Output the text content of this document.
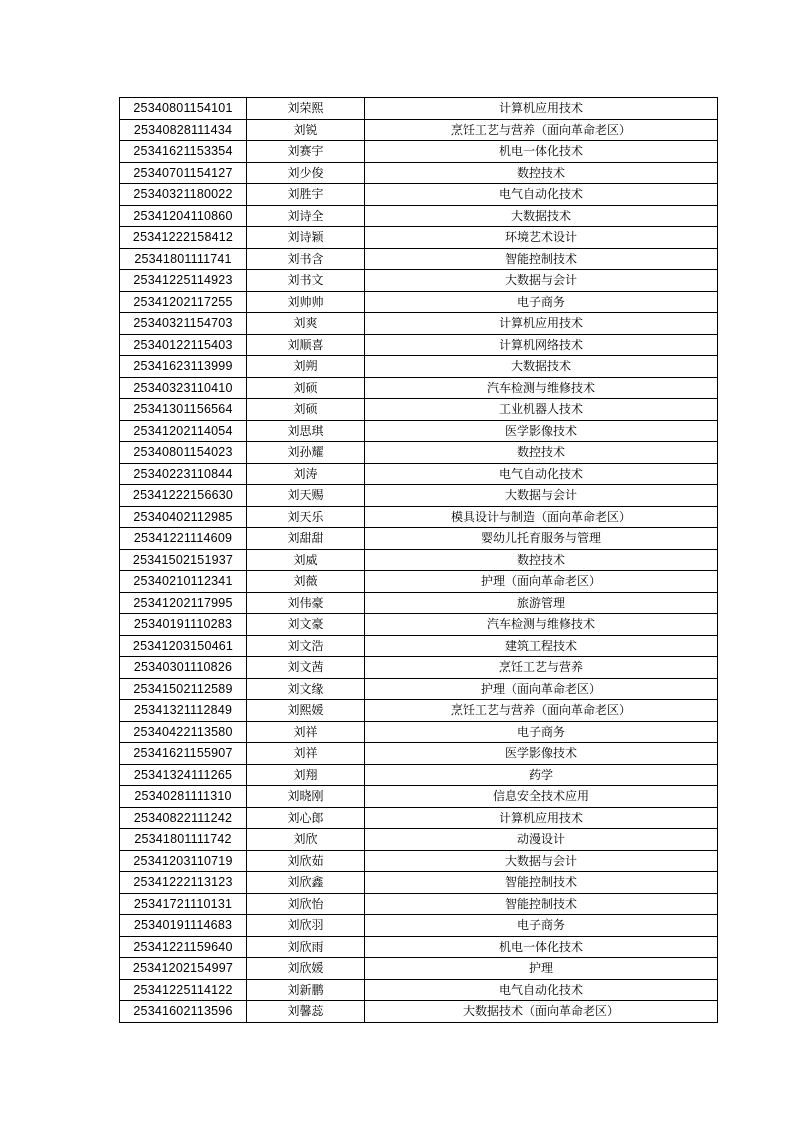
25340801154101	刘荣熙	计算机应用技术
25340828111434	刘锐	烹饪工艺与营养（面向革命老区）
25341621153354	刘赛宇	机电一体化技术
25340701154127	刘少俊	数控技术
25340321180022	刘胜宇	电气自动化技术
25341204110860	刘诗全	大数据技术
25341222158412	刘诗颖	环境艺术设计
25341801111741	刘书含	智能控制技术
25341225114923	刘书文	大数据与会计
25341202117255	刘帅帅	电子商务
25340321154703	刘爽	计算机应用技术
25340122115403	刘顺喜	计算机网络技术
25341623113999	刘朔	大数据技术
25340323110410	刘硕	汽车检测与维修技术
25341301156564	刘硕	工业机器人技术
25341202114054	刘思琪	医学影像技术
25340801154023	刘孙耀	数控技术
25340223110844	刘涛	电气自动化技术
25341222156630	刘天赐	大数据与会计
25340402112985	刘天乐	模具设计与制造（面向革命老区）
25341221114609	刘甜甜	婴幼儿托育服务与管理
25341502151937	刘威	数控技术
25340210112341	刘薇	护理（面向革命老区）
25341202117995	刘伟豪	旅游管理
25340191110283	刘文豪	汽车检测与维修技术
25341203150461	刘文浩	建筑工程技术
25340301110826	刘文茜	烹饪工艺与营养
25341502112589	刘文缘	护理（面向革命老区）
25341321112849	刘熙媛	烹饪工艺与营养（面向革命老区）
25340422113580	刘祥	电子商务
25341621155907	刘祥	医学影像技术
25341324111265	刘翔	药学
25340281111310	刘晓刚	信息安全技术应用
25340822111242	刘心郎	计算机应用技术
25341801111742	刘欣	动漫设计
25341203110719	刘欣茹	大数据与会计
25341222113123	刘欣鑫	智能控制技术
25341721110131	刘欣怡	智能控制技术
25340191114683	刘欣羽	电子商务
25341221159640	刘欣雨	机电一体化技术
25341202154997	刘欣媛	护理
25341225114122	刘新鹏	电气自动化技术
25341602113596	刘馨蕊	大数据技术（面向革命老区）
